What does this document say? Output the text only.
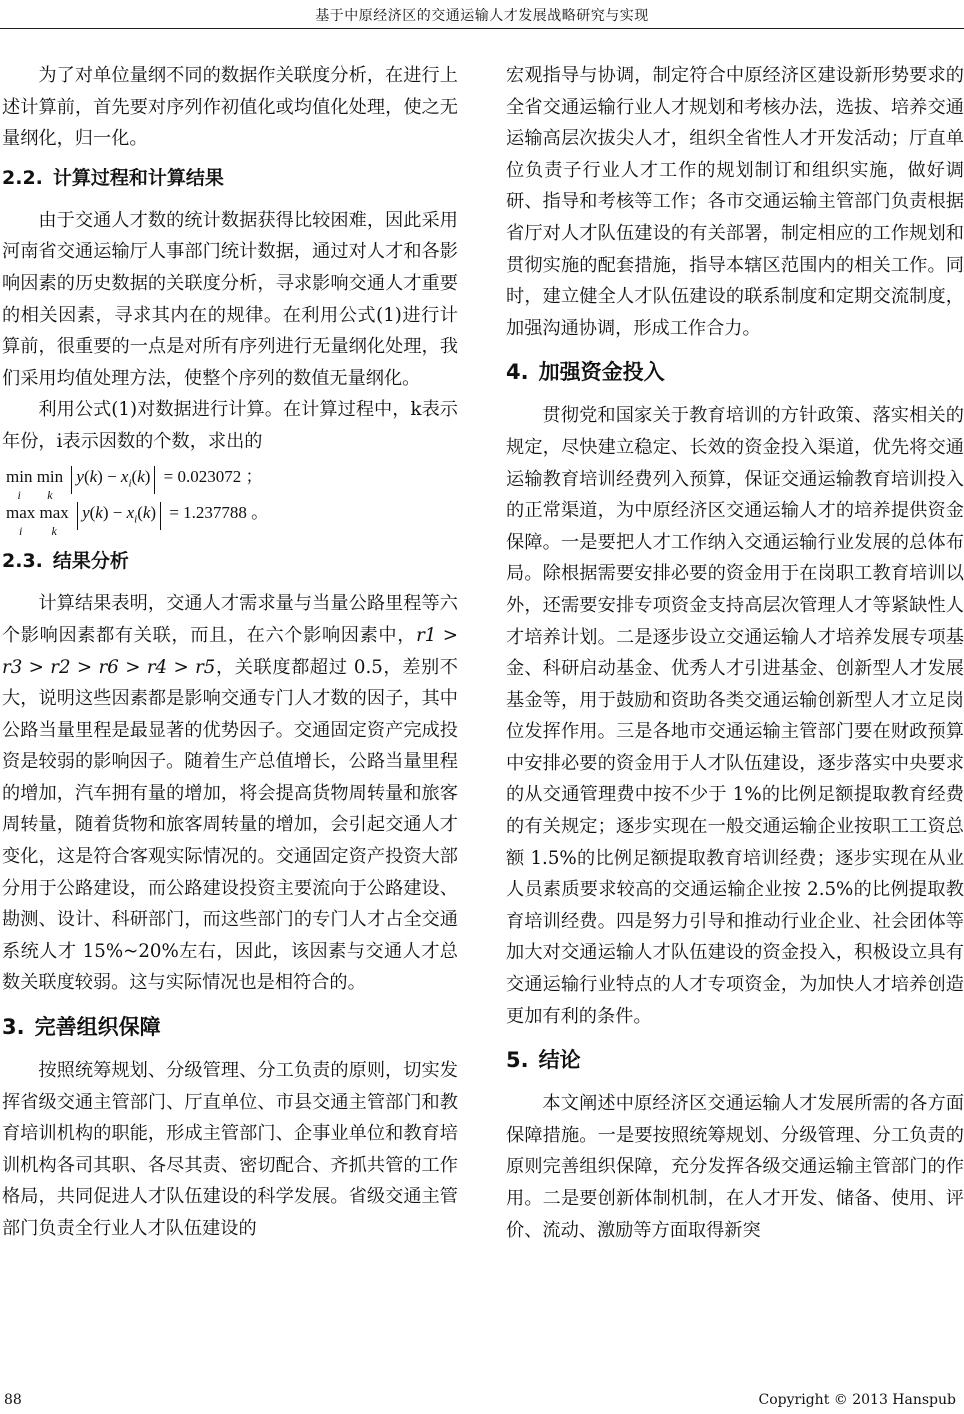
基于中原经济区的交通运输人才发展战略研究与实现

为了对单位量纲不同的数据作关联度分析，在进行上述计算前，首先要对序列作初值化或均值化处理，使之无量纲化，归一化。

2.2. 计算过程和计算结果

由于交通人才数的统计数据获得比较困难，因此采用河南省交通运输厅人事部门统计数据，通过对人才和各影响因素的历史数据的关联度分析，寻求影响交通人才重要的相关因素，寻求其内在的规律。在利用公式(1)进行计算前，很重要的一点是对所有序列进行无量纲化处理，我们采用均值处理方法，使整个序列的数值无量纲化。

利用公式(1)对数据进行计算。在计算过程中，k表示年份，i表示因数的个数，求出的

min
i
min
k
$y(k) - x_i(k) = 0.023072$ ；
max
i
max
k
$y(k) - x_i(k) = 1.237788$ 。
2.3. 结果分析

计算结果表明，交通人才需求量与当量公路里程等六个影响因素都有关联，而且，在六个影响因素中，r1 > r3 > r2 > r6 > r4 > r5，关联度都超过 0.5，差别不大，说明这些因素都是影响交通专门人才数的因子，其中公路当量里程是最显著的优势因子。交通固定资产完成投资是较弱的影响因子。随着生产总值增长，公路当量里程的增加，汽车拥有量的增加，将会提高货物周转量和旅客周转量，随着货物和旅客周转量的增加，会引起交通人才变化，这是符合客观实际情况的。交通固定资产投资大部分用于公路建设，而公路建设投资主要流向于公路建设、勘测、设计、科研部门，而这些部门的专门人才占全交通系统人才 15%~20%左右，因此，该因素与交通人才总数关联度较弱。这与实际情况也是相符合的。

3. 完善组织保障

按照统筹规划、分级管理、分工负责的原则，切实发挥省级交通主管部门、厅直单位、市县交通主管部门和教育培训机构的职能，形成主管部门、企事业单位和教育培训机构各司其职、各尽其责、密切配合、齐抓共管的工作格局，共同促进人才队伍建设的科学发展。省级交通主管部门负责全行业人才队伍建设的

宏观指导与协调，制定符合中原经济区建设新形势要求的全省交通运输行业人才规划和考核办法，选拔、培养交通运输高层次拔尖人才，组织全省性人才开发活动；厅直单位负责子行业人才工作的规划制订和组织实施，做好调研、指导和考核等工作；各市交通运输主管部门负责根据省厅对人才队伍建设的有关部署，制定相应的工作规划和贯彻实施的配套措施，指导本辖区范围内的相关工作。同时，建立健全人才队伍建设的联系制度和定期交流制度，加强沟通协调，形成工作合力。

4. 加强资金投入

贯彻党和国家关于教育培训的方针政策、落实相关的规定，尽快建立稳定、长效的资金投入渠道，优先将交通运输教育培训经费列入预算，保证交通运输教育培训投入的正常渠道，为中原经济区交通运输人才的培养提供资金保障。一是要把人才工作纳入交通运输行业发展的总体布局。除根据需要安排必要的资金用于在岗职工教育培训以外，还需要安排专项资金支持高层次管理人才等紧缺性人才培养计划。二是逐步设立交通运输人才培养发展专项基金、科研启动基金、优秀人才引进基金、创新型人才发展基金等，用于鼓励和资助各类交通运输创新型人才立足岗位发挥作用。三是各地市交通运输主管部门要在财政预算中安排必要的资金用于人才队伍建设，逐步落实中央要求的从交通管理费中按不少于 1%的比例足额提取教育经费的有关规定；逐步实现在一般交通运输企业按职工工资总额 1.5%的比例足额提取教育培训经费；逐步实现在从业人员素质要求较高的交通运输企业按 2.5%的比例提取教育培训经费。四是努力引导和推动行业企业、社会团体等加大对交通运输人才队伍建设的资金投入，积极设立具有交通运输行业特点的人才专项资金，为加快人才培养创造更加有利的条件。

5. 结论

本文阐述中原经济区交通运输人才发展所需的各方面保障措施。一是要按照统筹规划、分级管理、分工负责的原则完善组织保障，充分发挥各级交通运输主管部门的作用。二是要创新体制机制，在人才开发、储备、使用、评价、流动、激励等方面取得新突

88	Copyright © 2013 Hanspub
